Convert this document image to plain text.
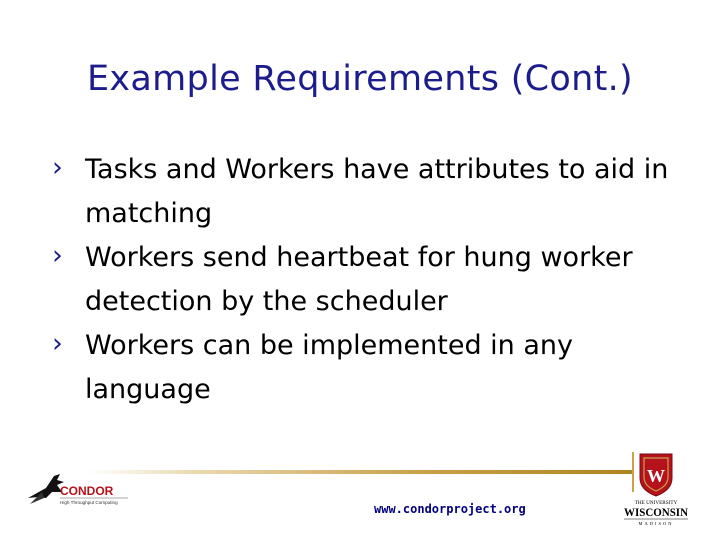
Example Requirements (Cont.)
› Tasks and Workers have attributes to aid in matching
› Workers send heartbeat for hung worker detection by the scheduler
› Workers can be implemented in any language
CONDOR
High Throughput Computing	www.condorproject.org
W
THE UNIVERSITY
WISCONSIN
MADISON
